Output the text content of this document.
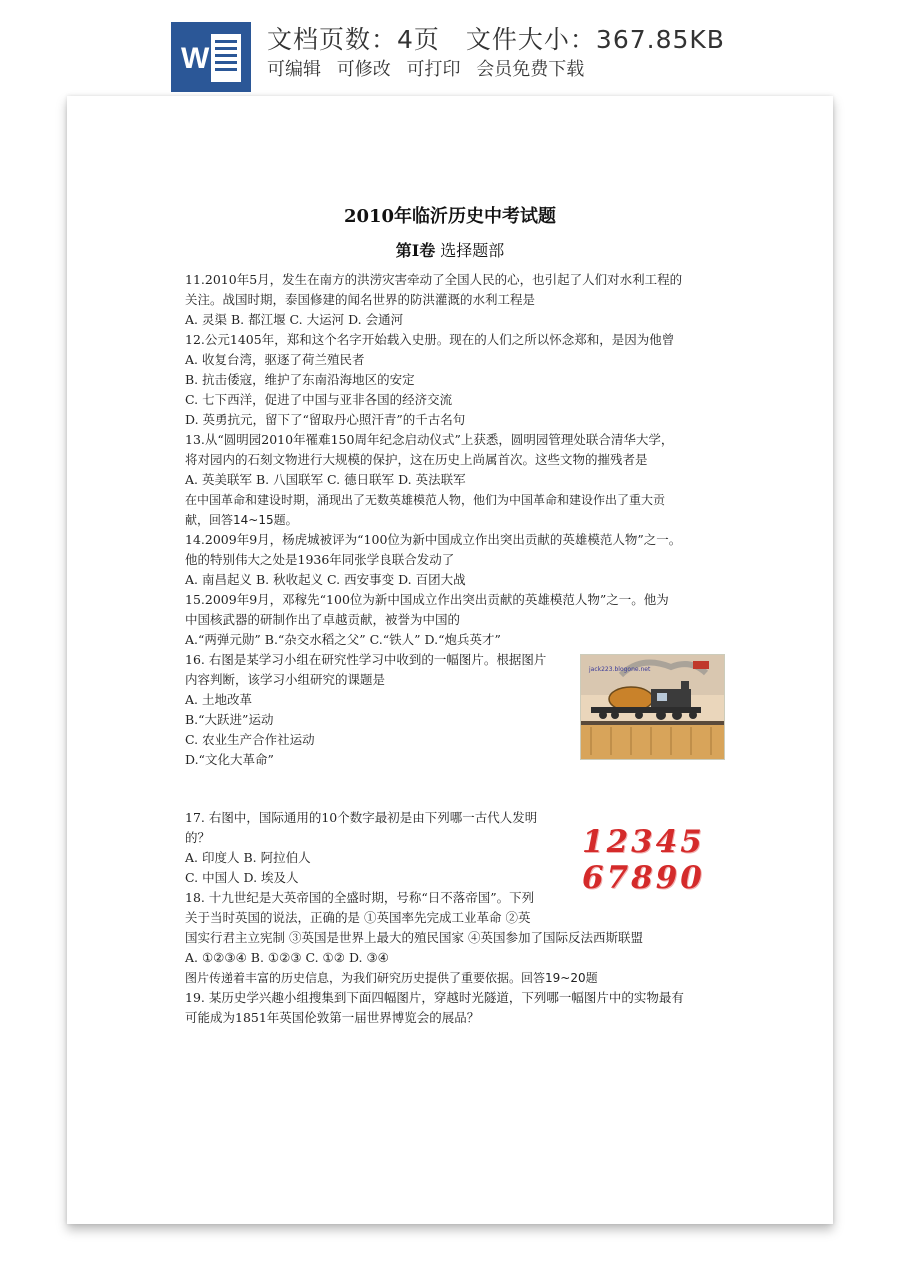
W
文档页数：4页 文件大小：367.85KB
可编辑 可修改 可打印 会员免费下载
2010年临沂历史中考试题
第I卷 选择题部
11.2010年5月，发生在南方的洪涝灾害牵动了全国人民的心，也引起了人们对水利工程的
关注。战国时期，泰国修建的闻名世界的防洪灌溉的水利工程是
A. 灵渠 B. 都江堰 C. 大运河 D. 会通河
12.公元1405年，郑和这个名字开始载入史册。现在的人们之所以怀念郑和，是因为他曾
A. 收复台湾，驱逐了荷兰殖民者
B. 抗击倭寇，维护了东南沿海地区的安定
C. 七下西洋，促进了中国与亚非各国的经济交流
D. 英勇抗元，留下了“留取丹心照汗青”的千古名句
13.从“圆明园2010年罹难150周年纪念启动仪式”上获悉，圆明园管理处联合清华大学，
将对园内的石刻文物进行大规模的保护，这在历史上尚属首次。这些文物的摧残者是
A. 英美联军 B. 八国联军 C. 德日联军 D. 英法联军
在中国革命和建设时期，涌现出了无数英雄模范人物，他们为中国革命和建设作出了重大贡
献，回答14~15题。
14.2009年9月，杨虎城被评为“100位为新中国成立作出突出贡献的英雄模范人物”之一。
他的特别伟大之处是1936年同张学良联合发动了
A. 南昌起义 B. 秋收起义 C. 西安事变 D. 百团大战
15.2009年9月，邓稼先“100位为新中国成立作出突出贡献的英雄模范人物”之一。他为
中国核武器的研制作出了卓越贡献，被誉为中国的
A.“两弹元勋” B.“杂交水稻之父” C.“铁人” D.“炮兵英才”
16. 右图是某学习小组在研究性学习中收到的一幅图片。根据图片
内容判断，该学习小组研究的课题是
A. 土地改革
B.“大跃进”运动
C. 农业生产合作社运动
D.“文化大革命”
17. 右图中，国际通用的10个数字最初是由下列哪一古代人发明
的？
A. 印度人 B. 阿拉伯人
C. 中国人 D. 埃及人
18. 十九世纪是大英帝国的全盛时期，号称“日不落帝国”。下列
关于当时英国的说法，正确的是 ①英国率先完成工业革命 ②英
国实行君主立宪制 ③英国是世界上最大的殖民国家 ④英国参加了国际反法西斯联盟
A. ①②③④ B. ①②③ C. ①② D. ③④
图片传递着丰富的历史信息，为我们研究历史提供了重要依据。回答19~20题
19. 某历史学兴趣小组搜集到下面四幅图片，穿越时光隧道，下列哪一幅图片中的实物最有
可能成为1851年英国伦敦第一届世界博览会的展品？
jack223.blogone.net
12345
67890
